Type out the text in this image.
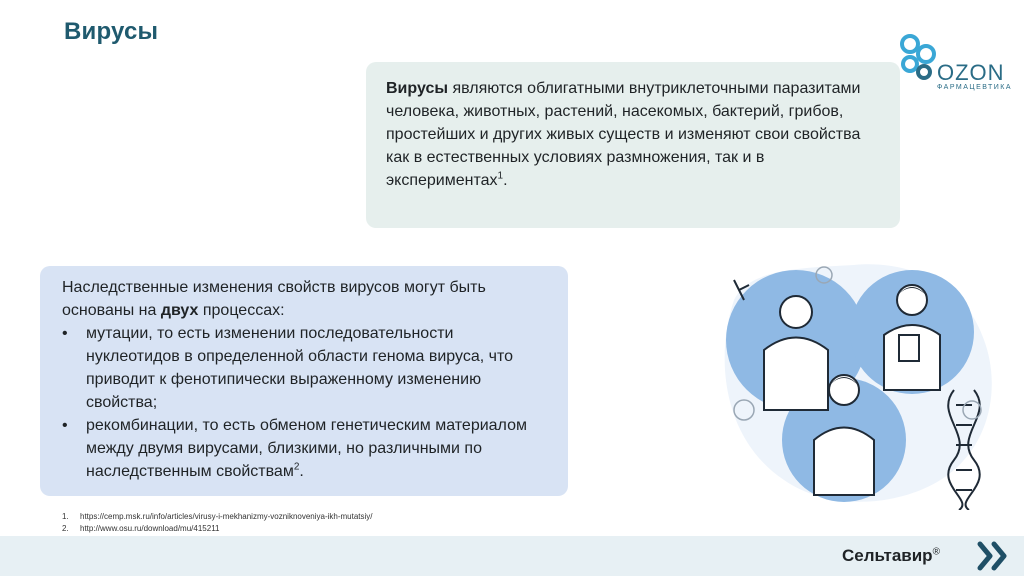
Вирусы
OZON
ФАРМАЦЕВТИКА
Вирусы являются облигатными внутриклеточными паразитами человека, животных, растений, насекомых, бактерий, грибов, простейших и других живых существ и изменяют свои свойства как в естественных условиях размножения, так и в экспериментах$^1$.
Наследственные изменения свойств вирусов могут быть основаны на двух процессах:
• мутации, то есть изменении последовательности нуклеотидов в определенной области генома вируса, что приводит к фенотипически выраженному изменению свойства;
• рекомбинации, то есть обменом генетическим материалом между двумя вирусами, близкими, но различными по наследственным свойствам$^2$.
1. https://cemp.msk.ru/info/articles/virusy-i-mekhanizmy-vozniknoveniya-ikh-mutatsiy/
2. http://www.osu.ru/download/mu/415211
Сельтавир®
